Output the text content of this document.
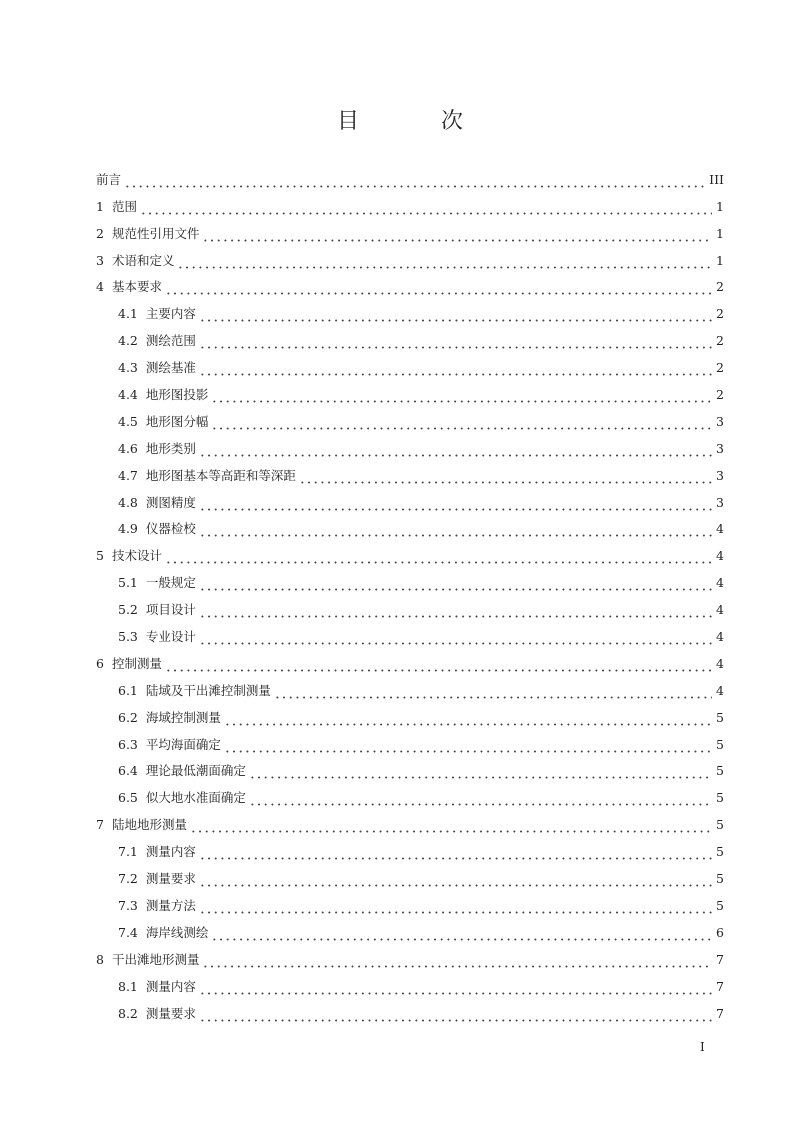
目　次
前言	III
1 范围	1
2 规范性引用文件	1
3 术语和定义	1
4 基本要求	2
4.1 主要内容	2
4.2 测绘范围	2
4.3 测绘基准	2
4.4 地形图投影	2
4.5 地形图分幅	3
4.6 地形类别	3
4.7 地形图基本等高距和等深距	3
4.8 测图精度	3
4.9 仪器检校	4
5 技术设计	4
5.1 一般规定	4
5.2 项目设计	4
5.3 专业设计	4
6 控制测量	4
6.1 陆域及干出滩控制测量	4
6.2 海域控制测量	5
6.3 平均海面确定	5
6.4 理论最低潮面确定	5
6.5 似大地水准面确定	5
7 陆地地形测量	5
7.1 测量内容	5
7.2 测量要求	5
7.3 测量方法	5
7.4 海岸线测绘	6
8 干出滩地形测量	7
8.1 测量内容	7
8.2 测量要求	7
I
